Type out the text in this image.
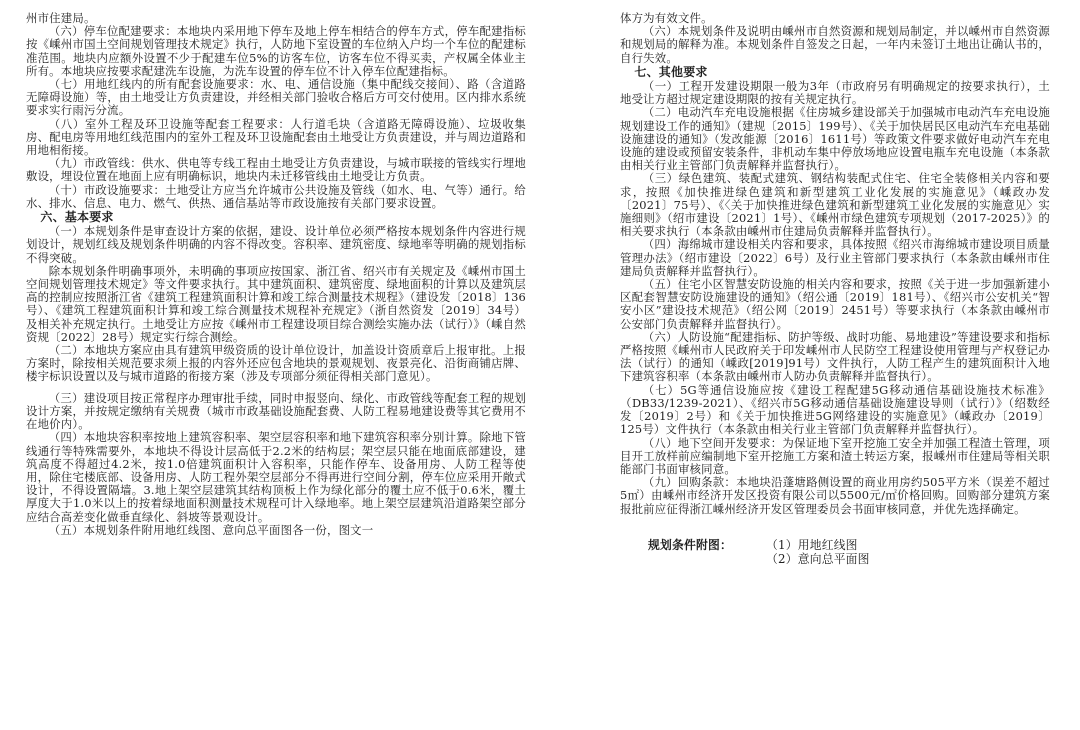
州市住建局。

（六）停车位配建要求：本地块内采用地下停车及地上停车相结合的停车方式，停车配建指标按《嵊州市国土空间规划管理技术规定》执行，人防地下室设置的车位纳入户均一个车位的配建标准范围。地块内应额外设置不少于配建车位5%的访客车位，访客车位不得买卖，产权属全体业主所有。本地块应按要求配建洗车设施，为洗车设置的停车位不计入停车位配建指标。

（七）用地红线内的所有配套设施要求：水、电、通信设施（集中配线交接间）、路（含道路无障碍设施）等，由土地受让方负责建设，并经相关部门验收合格后方可交付使用。区内排水系统要求实行雨污分流。

（八）室外工程及环卫设施等配套工程要求：人行道毛块（含道路无障碍设施）、垃圾收集房、配电房等用地红线范围内的室外工程及环卫设施配套由土地受让方负责建设，并与周边道路和用地相衔接。

（九）市政管线：供水、供电等专线工程由土地受让方负责建设，与城市联接的管线实行埋地敷设，埋设位置在地面上应有明确标识，地块内未迁移管线由土地受让方负责。

（十）市政设施要求：土地受让方应当允许城市公共设施及管线（如水、电、气等）通行。给水、排水、信息、电力、燃气、供热、通信基站等市政设施按有关部门要求设置。

六、基本要求

（一）本规划条件是审查设计方案的依据，建设、设计单位必须严格按本规划条件内容进行规划设计，规划红线及规划条件明确的内容不得改变。容积率、建筑密度、绿地率等明确的规划指标不得突破。

除本规划条件明确事项外，未明确的事项应按国家、浙江省、绍兴市有关规定及《嵊州市国土空间规划管理技术规定》等文件要求执行。其中建筑面积、建筑密度、绿地面积的计算以及建筑层高的控制应按照浙江省《建筑工程建筑面积计算和竣工综合测量技术规程》（建设发〔2018〕136号）、《建筑工程建筑面积计算和竣工综合测量技术规程补充规定》（浙自然资发〔2019〕34号）及相关补充规定执行。土地受让方应按《嵊州市工程建设项目综合测绘实施办法（试行）》（嵊自然资规〔2022〕28号）规定实行综合测绘。

（二）本地块方案应由具有建筑甲级资质的设计单位设计，加盖设计资质章后上报审批。上报方案时，除按相关规范要求须上报的内容外还应包含地块的景观规划、夜景亮化、沿街商铺店牌、楼宇标识设置以及与城市道路的衔接方案（涉及专项部分须征得相关部门意见）。

（三）建设项目按正常程序办理审批手续，同时申报竖向、绿化、市政管线等配套工程的规划设计方案，并按规定缴纳有关规费（城市市政基础设施配套费、人防工程易地建设费等其它费用不在地价内）。

（四）本地块容积率按地上建筑容积率、架空层容积率和地下建筑容积率分别计算。除地下管线通行等特殊需要外，本地块不得设计层高低于2.2米的结构层；架空层只能在地面底部建设，建筑高度不得超过4.2米，按1.0倍建筑面积计入容积率，只能作停车、设备用房、人防工程等使用，除住宅楼底部、设备用房、人防工程外架空层部分不得再进行空间分割，停车位应采用开敞式设计，不得设置隔墙。3.地上架空层建筑其结构顶板上作为绿化部分的覆土应不低于0.6米，覆土厚度大于1.0米以上的按着绿地面积测量技术规程可计入绿地率。地上架空层建筑沿道路架空部分应结合高差变化做垂直绿化、斜坡等景观设计。

（五）本规划条件附用地红线图、意向总平面图各一份，图文一

体方为有效文件。

（六）本规划条件及说明由嵊州市自然资源和规划局制定，并以嵊州市自然资源和规划局的解释为准。本规划条件自签发之日起，一年内未签订土地出让确认书的，自行失效。

七、其他要求

（一）工程开发建设期限一般为3年（市政府另有明确规定的按要求执行），土地受让方超过规定建设期限的按有关规定执行。

（二）电动汽车充电设施根据《住房城乡建设部关于加强城市电动汽车充电设施规划建设工作的通知》（建规〔2015〕199号）、《关于加快居民区电动汽车充电基础设施建设的通知》（发改能源〔2016〕1611号）等政策文件要求做好电动汽车充电设施的建设或预留安装条件，非机动车集中停放场地应设置电瓶车充电设施（本条款由相关行业主管部门负责解释并监督执行）。

（三）绿色建筑、装配式建筑、钢结构装配式住宅、住宅全装修相关内容和要求，按照《加快推进绿色建筑和新型建筑工业化发展的实施意见》（嵊政办发〔2021〕75号）、《〈关于加快推进绿色建筑和新型建筑工业化发展的实施意见〉实施细则》（绍市建设〔2021〕1号）、《嵊州市绿色建筑专项规划（2017-2025）》的相关要求执行（本条款由嵊州市住建局负责解释并监督执行）。

（四）海绵城市建设相关内容和要求，具体按照《绍兴市海绵城市建设项目质量管理办法》（绍市建设〔2022〕6号）及行业主管部门要求执行（本条款由嵊州市住建局负责解释并监督执行）。

（五）住宅小区智慧安防设施的相关内容和要求，按照《关于进一步加强新建小区配套智慧安防设施建设的通知》（绍公通〔2019〕181号）、《绍兴市公安机关“智安小区”建设技术规范》（绍公网〔2019〕2451号）等要求执行（本条款由嵊州市公安部门负责解释并监督执行）。

（六）人防设施“配建指标、防护等级、战时功能、易地建设”等建设要求和指标严格按照《嵊州市人民政府关于印发嵊州市人民防空工程建设使用管理与产权登记办法（试行）的通知（嵊政[2019]91号）文件执行，人防工程产生的建筑面积计入地下建筑容积率（本条款由嵊州市人防办负责解释并监督执行）。

（七）5G等通信设施应按《建设工程配建5G移动通信基础设施技术标准》（DB33/1239-2021）、《绍兴市5G移动通信基础设施建设导则（试行）》（绍数经发〔2019〕2号）和《关于加快推进5G网络建设的实施意见》（嵊政办〔2019〕125号）文件执行（本条款由相关行业主管部门负责解释并监督执行）。

（八）地下空间开发要求：为保证地下室开挖施工安全并加强工程渣土管理，项目开工放样前应编制地下室开挖施工方案和渣土转运方案，报嵊州市住建局等相关职能部门书面审核同意。

（九）回购条款：本地块沿蓬塘路侧设置的商业用房约505平方米（误差不超过5㎡）由嵊州市经济开发区投资有限公司以5500元/㎡价格回购。回购部分建筑方案报批前应征得浙江嵊州经济开发区管理委员会书面审核同意，并优先选择确定。

规划条件附图：	（1）用地红线图
（2）意向总平面图
